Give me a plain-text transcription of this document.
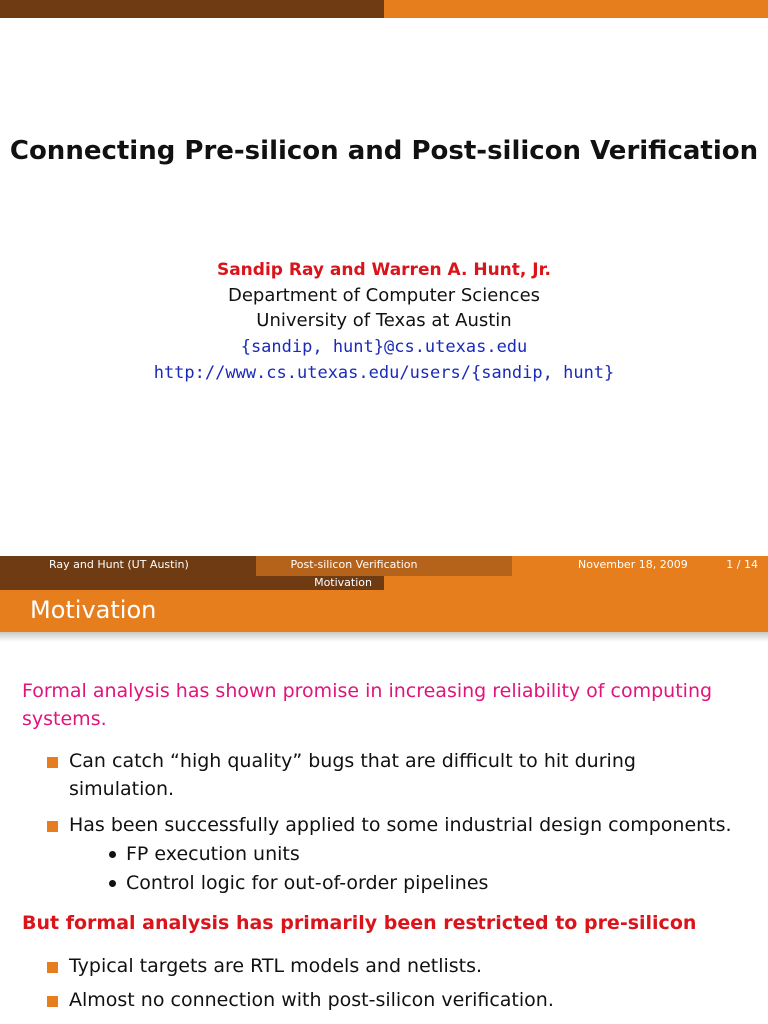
Connecting Pre-silicon and Post-silicon Verification
Sandip Ray and Warren A. Hunt, Jr.
Department of Computer Sciences
University of Texas at Austin
{sandip, hunt}@cs.utexas.edu
http://www.cs.utexas.edu/users/{sandip, hunt}
Ray and Hunt (UT Austin)	Post-silicon Verification	November 18, 2009	1 / 14
Motivation
Motivation
Formal analysis has shown promise in increasing reliability of computing systems.
Can catch “high quality” bugs that are difficult to hit during simulation.
Has been successfully applied to some industrial design components.
FP execution units
Control logic for out-of-order pipelines
But formal analysis has primarily been restricted to pre-silicon
Typical targets are RTL models and netlists.
Almost no connection with post-silicon verification.
